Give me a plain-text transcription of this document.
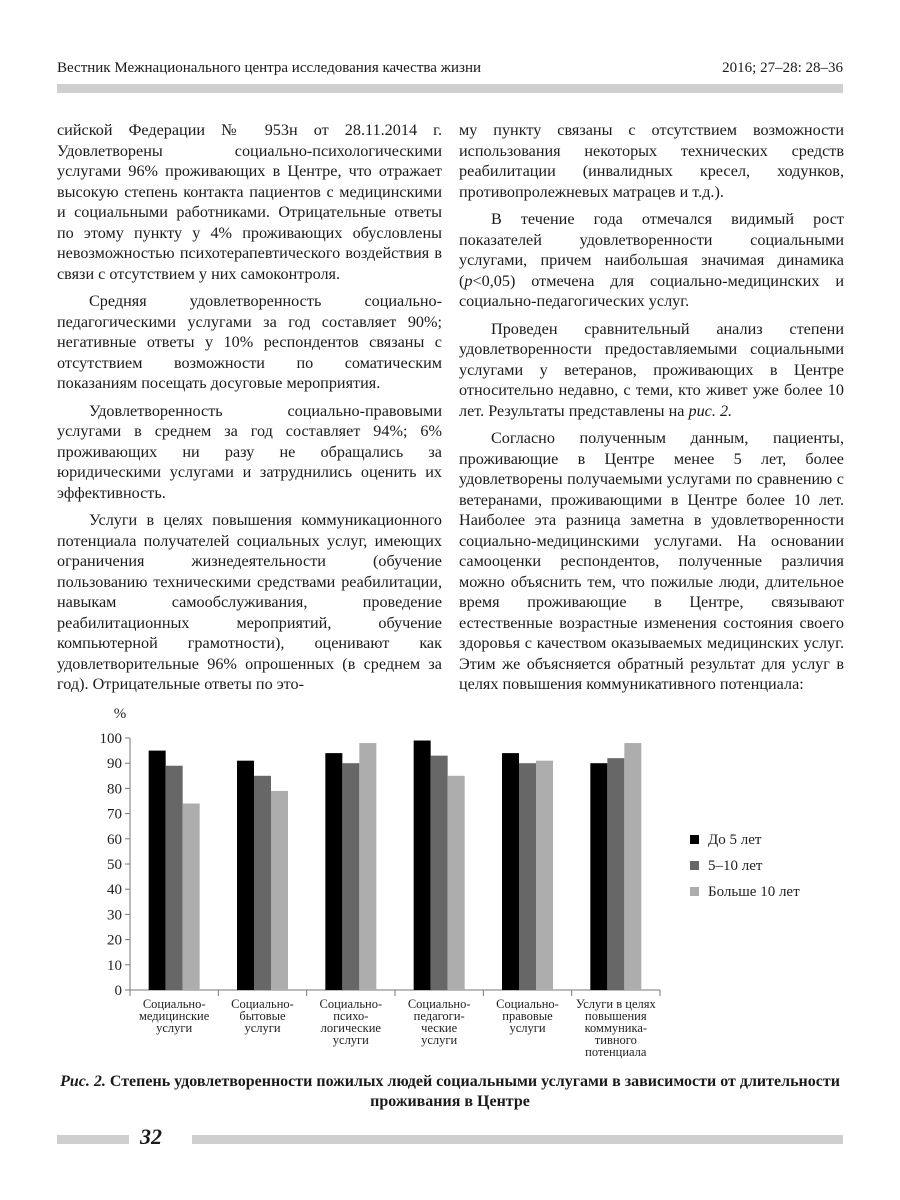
Вестник Межнационального центра исследования качества жизни	2016; 27–28: 28–36

сийской Федерации № 953н от 28.11.2014 г. Удовлетворены социально-психологическими услугами 96% проживающих в Центре, что отражает высокую степень контакта пациентов с медицинскими и социальными работниками. Отрицательные ответы по этому пункту у 4% проживающих обусловлены невозможностью психотерапевтического воздействия в связи с отсутствием у них самоконтроля.

Средняя удовлетворенность социально-педагогическими услугами за год составляет 90%; негативные ответы у 10% респондентов связаны с отсутствием возможности по соматическим показаниям посещать досуговые мероприятия.

Удовлетворенность социально-правовыми услугами в среднем за год составляет 94%; 6% проживающих ни разу не обращались за юридическими услугами и затруднились оценить их эффективность.

Услуги в целях повышения коммуникационного потенциала получателей социальных услуг, имеющих ограничения жизнедеятельности (обучение пользованию техническими средствами реабилитации, навыкам самообслуживания, проведение реабилитационных мероприятий, обучение компьютерной грамотности), оценивают как удовлетворительные 96% опрошенных (в среднем за год). Отрицательные ответы по это-

му пункту связаны с отсутствием возможности использования некоторых технических средств реабилитации (инвалидных кресел, ходунков, противопролежневых матрацев и т.д.).

В течение года отмечался видимый рост показателей удовлетворенности социальными услугами, причем наибольшая значимая динамика (p<0,05) отмечена для социально-медицинских и социально-педагогических услуг.

Проведен сравнительный анализ степени удовлетворенности предоставляемыми социальными услугами у ветеранов, проживающих в Центре относительно недавно, с теми, кто живет уже более 10 лет. Результаты представлены на рис. 2.

Согласно полученным данным, пациенты, проживающие в Центре менее 5 лет, более удовлетворены получаемыми услугами по сравнению с ветеранами, проживающими в Центре более 10 лет. Наиболее эта разница заметна в удовлетворенности социально-медицинскими услугами. На основании самооценки респондентов, полученные различия можно объяснить тем, что пожилые люди, длительное время проживающие в Центре, связывают естественные возрастные изменения состояния своего здоровья с качеством оказываемых медицинских услуг. Этим же объясняется обратный результат для услуг в целях повышения коммуникативного потенциала:

%
0
10
20
30
40
50
60
70
80
90
100
Социально-
медицинские
услуги
Социально-
бытовые
услуги
Социально-
психо-
логические
услуги
Социально-
педагоги-
ческие
услуги
Социально-
правовые
услуги
Услуги в целях
повышения
коммуника-
тивного
потенциала
До 5 лет
5–10 лет
Больше 10 лет
Рис. 2. Степень удовлетворенности пожилых людей социальными услугами в зависимости от длительности проживания в Центре
32
